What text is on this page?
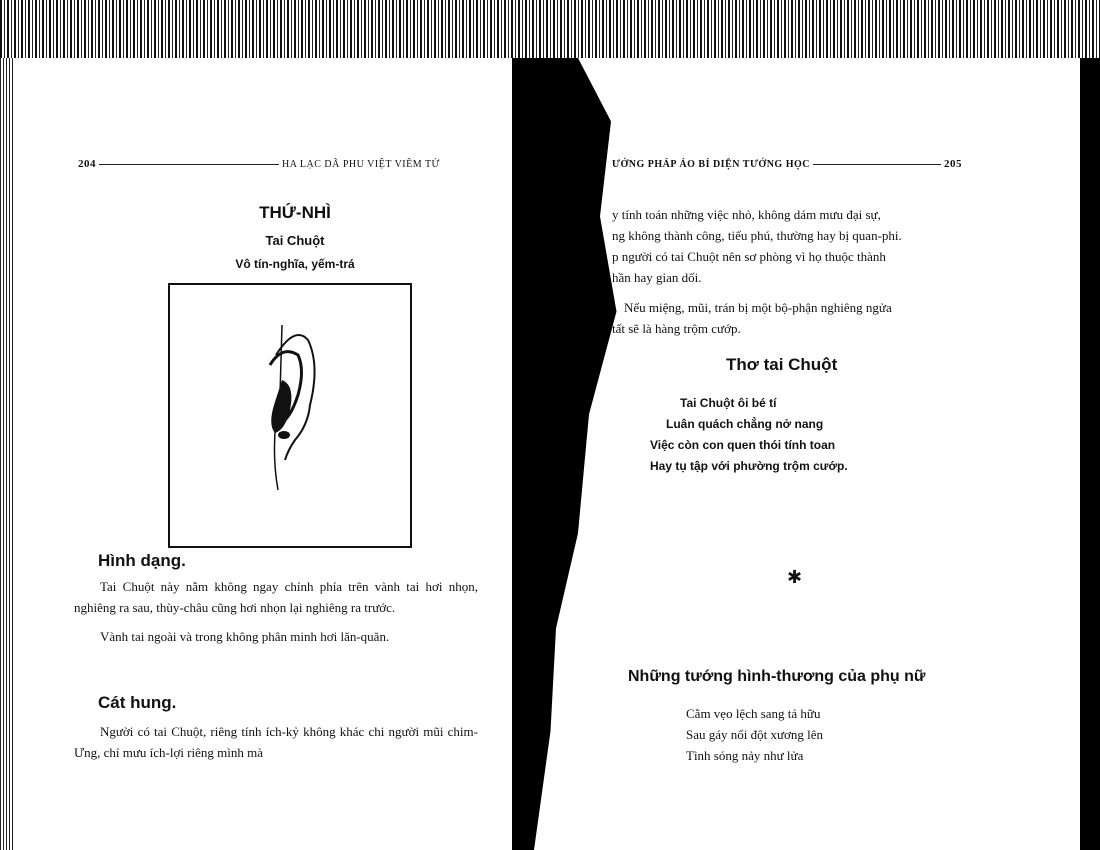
204	HA LẠC DÃ PHU VIỆT VIÊM TỬ
THỨ-NHÌ
Tai Chuột
Vô tín-nghĩa, yếm-trá
Hình dạng.

Tai Chuột này nằm không ngay chính phía trên vành tai hơi nhọn, nghiêng ra sau, thùy-châu cũng hơi nhọn lại nghiêng ra trước.

Vành tai ngoài và trong không phân minh hơi lăn-quăn.

Cát hung.

Người có tai Chuột, riêng tính ích-kỷ không khác chi người mũi chim-Ưng, chỉ mưu ích-lợi riêng mình mà

ƯỚNG PHÁP ÁO BÍ DIỆN TƯỚNG HỌC	205
y tính toán những việc nhỏ, không dám mưu đại sự,
ng không thành công, tiểu phú, thường hay bị quan-phi.
p người có tai Chuột nên sơ phòng vì họ thuộc thành
hần hay gian dối.
Nếu miệng, mũi, trán bị một bộ-phận nghiêng ngửa
tất sẽ là hàng trộm cướp.
Thơ tai Chuột
Tai Chuột ôi bé tí
Luân quách chẳng nở nang
Việc còn con quen thói tính toan
Hay tụ tập với phường trộm cướp.
✱
Những tướng hình-thương của phụ nữ
Cằm vẹo lệch sang tả hữu
Sau gáy nổi đột xương lên
Tình sóng nảy như lửa
